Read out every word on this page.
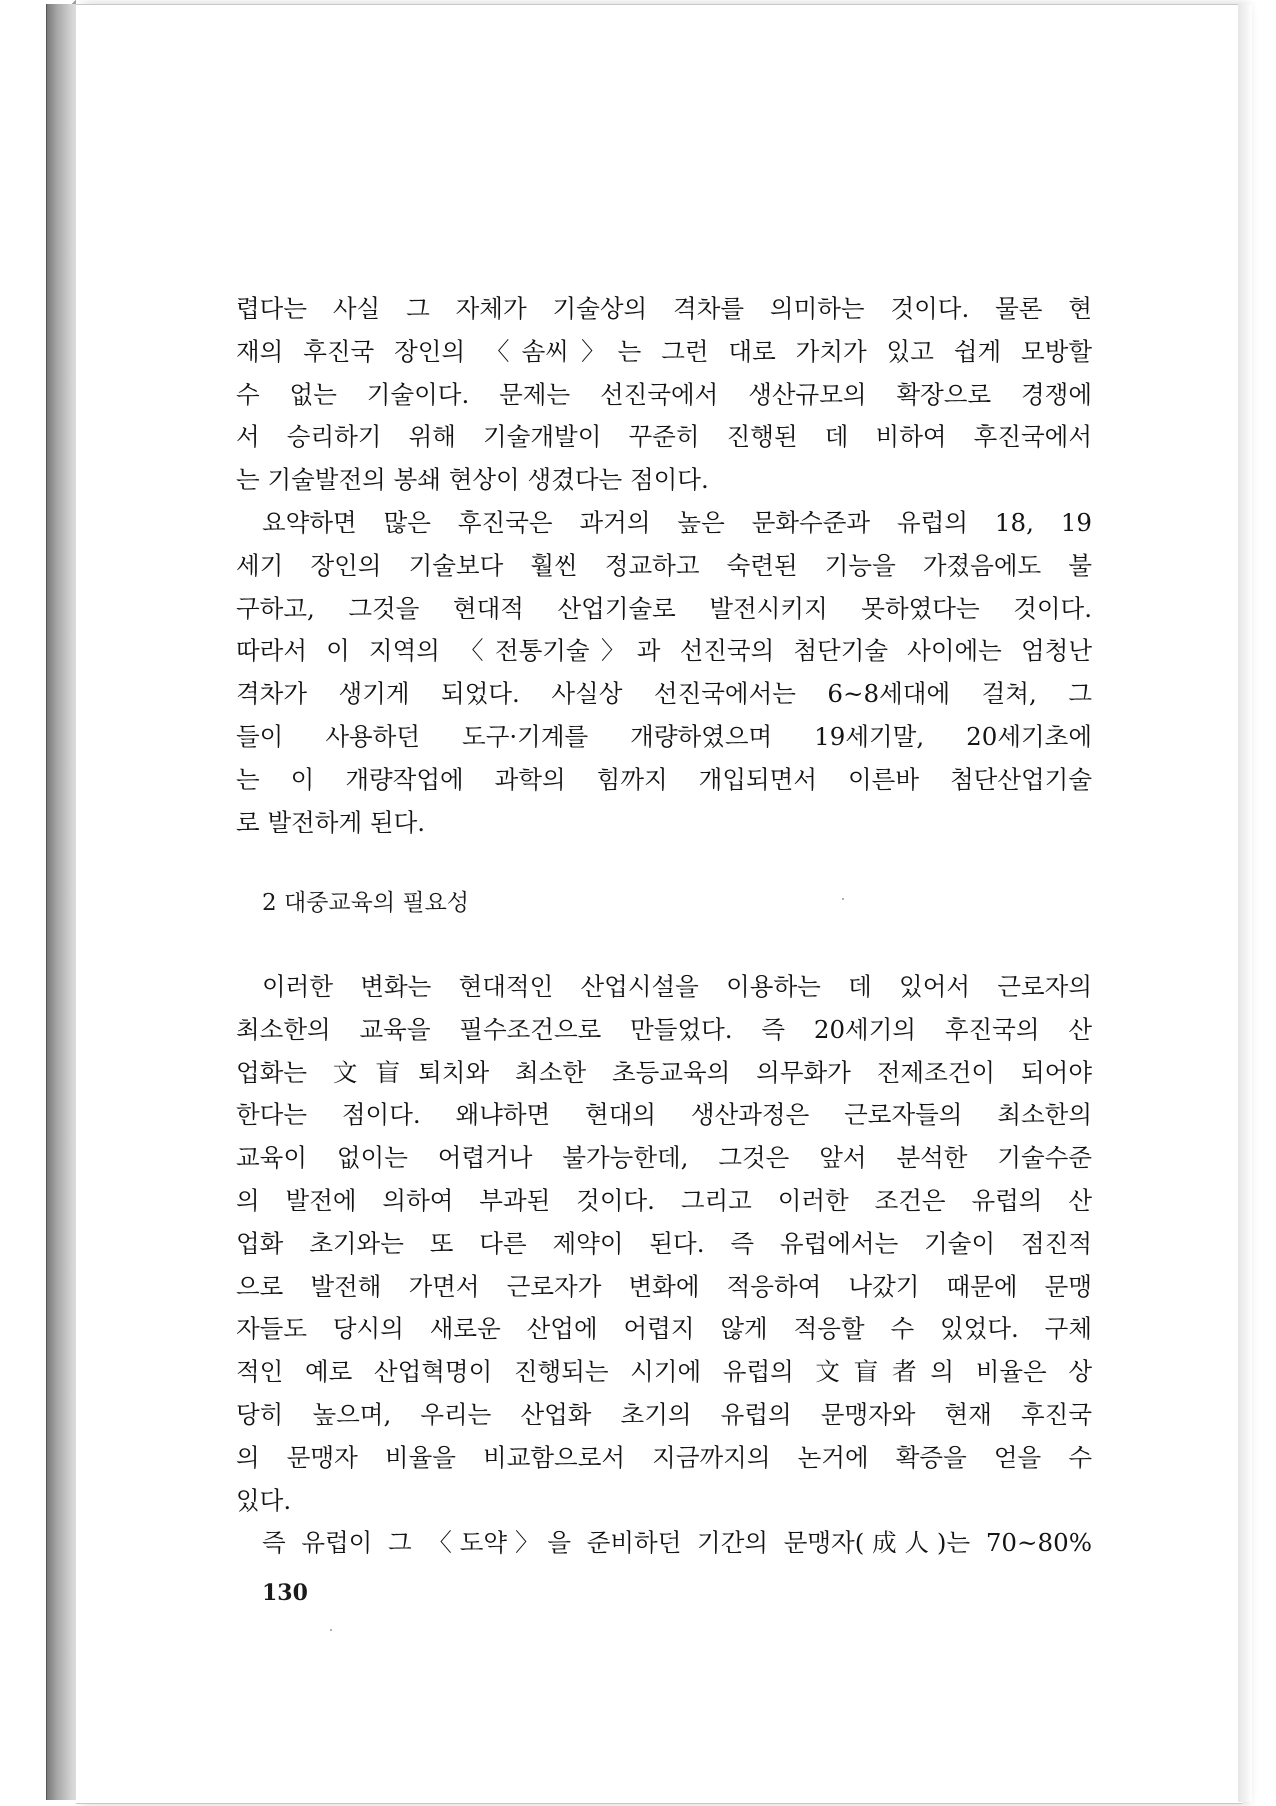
렵다는 사실 그 자체가 기술상의 격차를 의미하는 것이다. 물론 현
재의 후진국 장인의 〈솜씨〉는 그런 대로 가치가 있고 쉽게 모방할
수 없는 기술이다. 문제는 선진국에서 생산규모의 확장으로 경쟁에
서 승리하기 위해 기술개발이 꾸준히 진행된 데 비하여 후진국에서
는 기술발전의 봉쇄 현상이 생겼다는 점이다.
요약하면 많은 후진국은 과거의 높은 문화수준과 유럽의 18, 19
세기 장인의 기술보다 훨씬 정교하고 숙련된 기능을 가졌음에도 불
구하고, 그것을 현대적 산업기술로 발전시키지 못하였다는 것이다.
따라서 이 지역의 〈전통기술〉과 선진국의 첨단기술 사이에는 엄청난
격차가 생기게 되었다. 사실상 선진국에서는 6~8세대에 걸쳐, 그
들이 사용하던 도구·기계를 개량하였으며 19세기말, 20세기초에
는 이 개량작업에 과학의 힘까지 개입되면서 이른바 첨단산업기술
로 발전하게 된다.
2 대중교육의 필요성
이러한 변화는 현대적인 산업시설을 이용하는 데 있어서 근로자의
최소한의 교육을 필수조건으로 만들었다. 즉 20세기의 후진국의 산
업화는 文盲퇴치와 최소한 초등교육의 의무화가 전제조건이 되어야
한다는 점이다. 왜냐하면 현대의 생산과정은 근로자들의 최소한의
교육이 없이는 어렵거나 불가능한데, 그것은 앞서 분석한 기술수준
의 발전에 의하여 부과된 것이다. 그리고 이러한 조건은 유럽의 산
업화 초기와는 또 다른 제약이 된다. 즉 유럽에서는 기술이 점진적
으로 발전해 가면서 근로자가 변화에 적응하여 나갔기 때문에 문맹
자들도 당시의 새로운 산업에 어렵지 않게 적응할 수 있었다. 구체
적인 예로 산업혁명이 진행되는 시기에 유럽의 文盲者의 비율은 상
당히 높으며, 우리는 산업화 초기의 유럽의 문맹자와 현재 후진국
의 문맹자 비율을 비교함으로서 지금까지의 논거에 확증을 얻을 수
있다.
즉 유럽이 그 〈도약〉을 준비하던 기간의 문맹자(成人)는 70~80%
130
